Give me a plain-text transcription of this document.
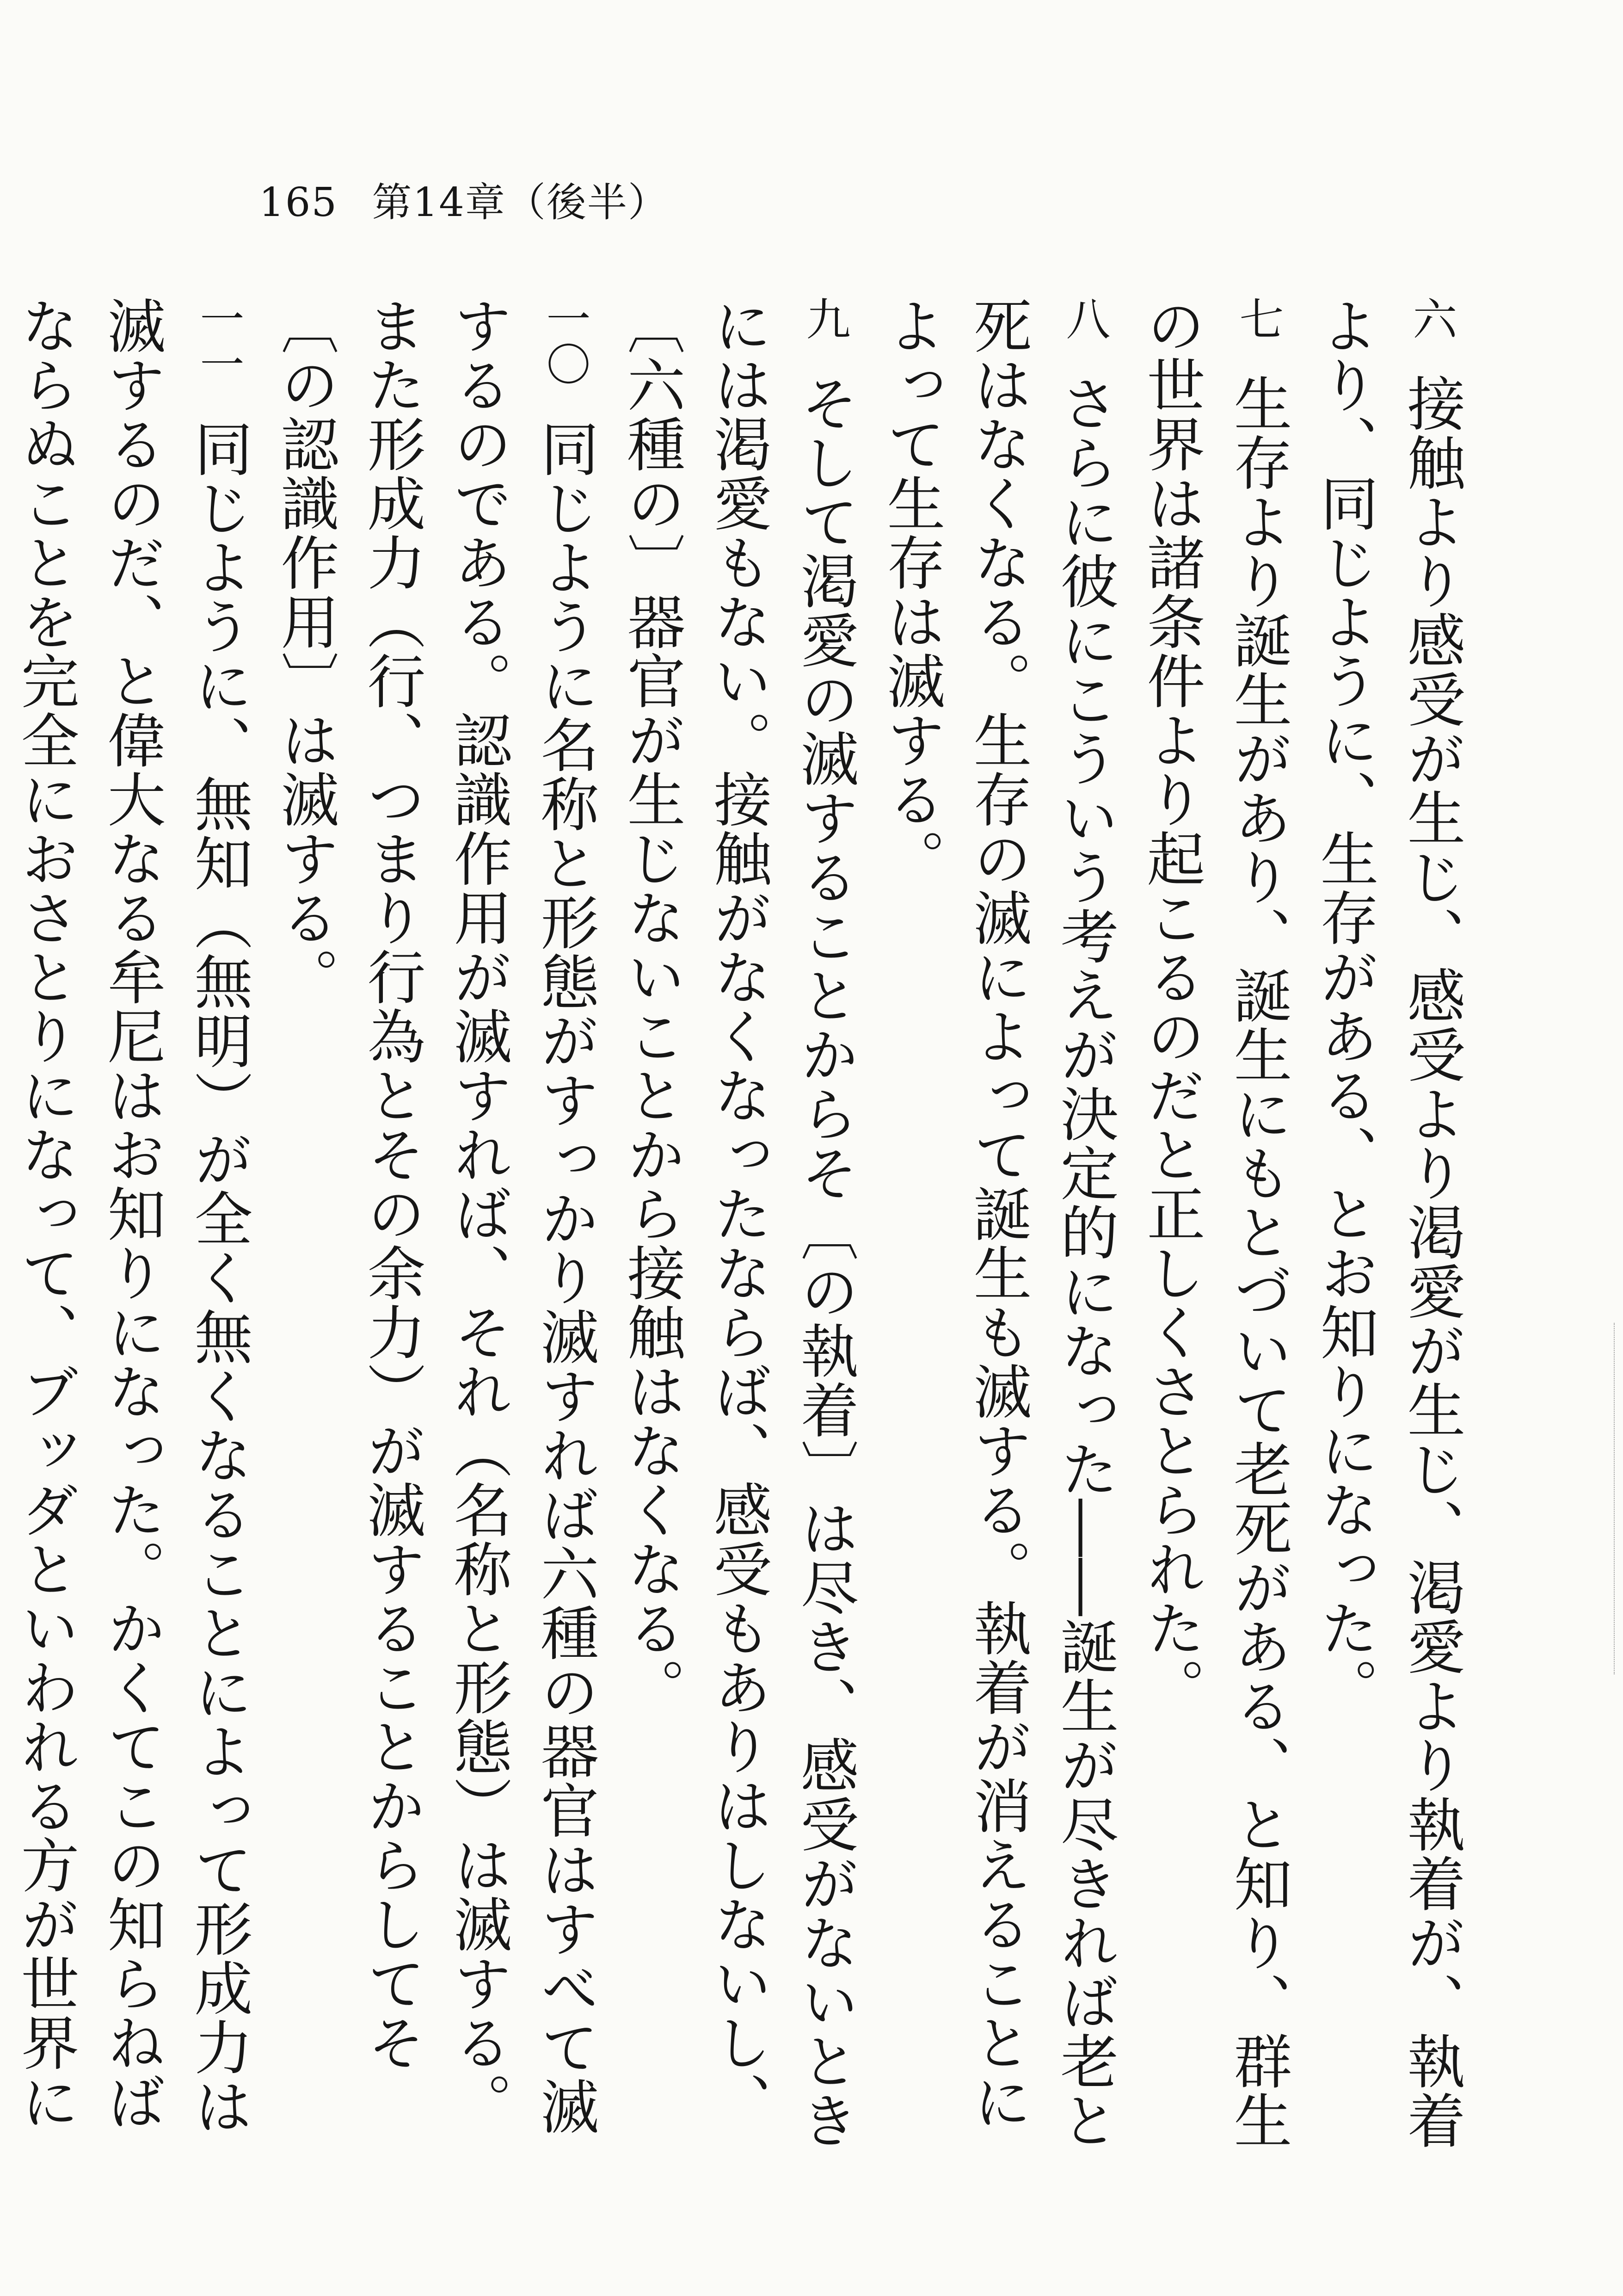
165 第14章（後半）
六 接触より感受が生じ、感受より渇愛が生じ、渇愛より執着が、執着より、同じように、生存がある、とお知りになった。
七 生存より誕生があり、誕生にもとづいて老死がある、と知り、群生の世界は諸条件より起こるのだと正しくさとられた。
八 さらに彼にこういう考えが決定的になった――誕生が尽きれば老と死はなくなる。生存の滅によって誕生も滅する。執着が消えることによって生存は滅する。
九 そして渇愛の滅することからそ〔の執着〕は尽き、感受がないときには渇愛もない。接触がなくなったならば、感受もありはしないし、〔六種の〕器官が生じないことから接触はなくなる。
一〇 同じように名称と形態がすっかり滅すれば六種の器官はすべて滅するのである。認識作用が滅すれば、それ（名称と形態）は滅する。また形成力（行、つまり行為とその余力）が滅することからしてそ〔の認識作用〕は滅する。
一一 同じように、無知（無明）が全く無くなることによって形成力は滅するのだ、と偉大なる牟尼はお知りになった。かくてこの知らねばならぬことを完全におさとりになって、ブッダといわれる方が世界に
